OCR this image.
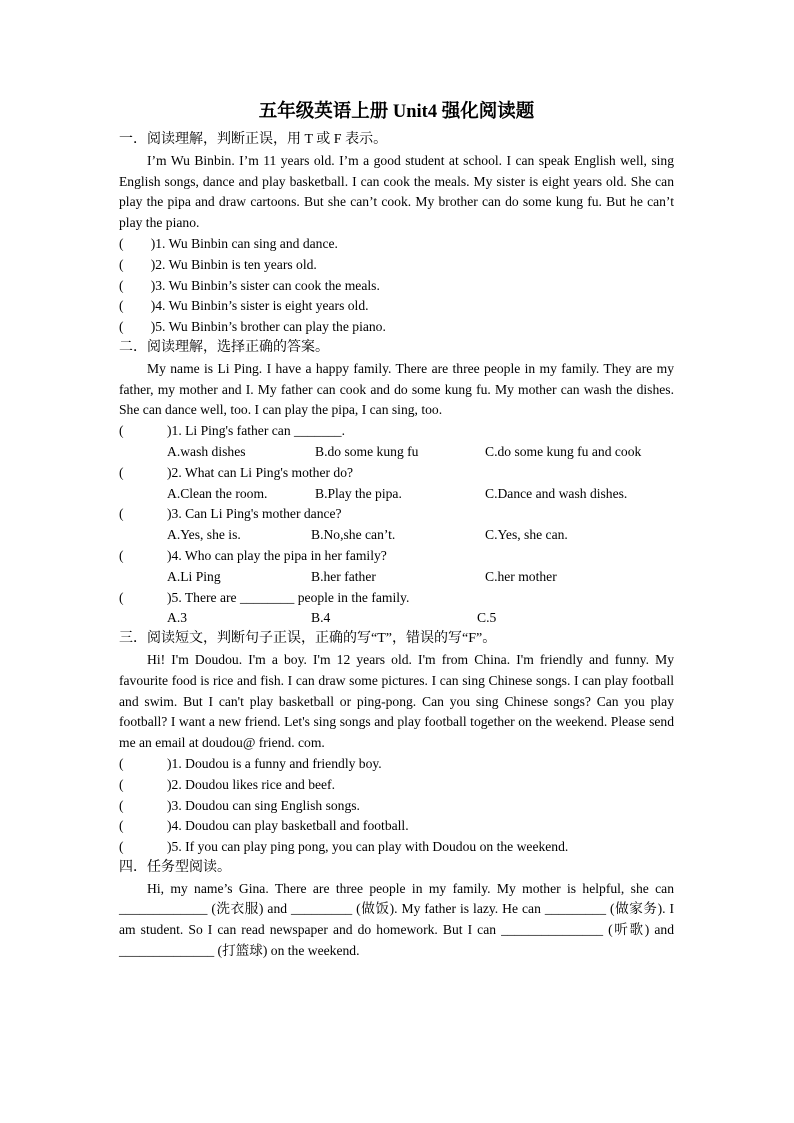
五年级英语上册 Unit4 强化阅读题
一．阅读理解，判断正误，用 T 或 F 表示。
I’m Wu Binbin. I’m 11 years old. I’m a good student at school. I can speak English well, sing English songs, dance and play basketball. I can cook the meals. My sister is eight years old. She can play the pipa and draw cartoons. But she can’t cook. My brother can do some kung fu. But he can’t play the piano.
(        )1. Wu Binbin can sing and dance.
(        )2. Wu Binbin is ten years old.
(        )3. Wu Binbin’s sister can cook the meals.
(        )4. Wu Binbin’s sister is eight years old.
(        )5. Wu Binbin’s brother can play the piano.
二．阅读理解，选择正确的答案。
My name is Li Ping. I have a happy family. There are three people in my family. They are my father, my mother and I. My father can cook and do some kung fu. My mother can wash the dishes. She can dance well, too. I can play the pipa, I can sing, too.
(	)1. Li Ping's father can _______.
A.wash dishes	B.do some kung fu	C.do some kung fu and cook
(	)2. What can Li Ping's mother do?
A.Clean the room.	B.Play the pipa.	C.Dance and wash dishes.
(	)3. Can Li Ping's mother dance?
A.Yes, she is.	B.No,she can’t.	C.Yes, she can.
(	)4. Who can play the pipa in her family?
A.Li Ping	B.her father	C.her mother
(	)5. There are ________ people in the family.
A.3	B.4	C.5
三．阅读短文，判断句子正误，正确的写“T”，错误的写“F”。
Hi! I'm Doudou. I'm a boy. I'm 12 years old. I'm from China. I'm friendly and funny. My favourite food is rice and fish. I can draw some pictures. I can sing Chinese songs. I can play football and swim. But I can't play basketball or ping-pong. Can you sing Chinese songs? Can you play football? I want a new friend. Let's sing songs and play football together on the weekend. Please send me an email at doudou@ friend. com.
(	)1. Doudou is a funny and friendly boy.
(	)2. Doudou likes rice and beef.
(	)3. Doudou can sing English songs.
(	)4. Doudou can play basketball and football.
(	)5. If you can play ping pong, you can play with Doudou on the weekend.
四．任务型阅读。
Hi, my name’s Gina. There are three people in my family. My mother is helpful, she can _____________ (洗衣服) and _________ (做饭). My father is lazy. He can _________ (做家务). I am student. So I can read newspaper and do homework. But I can _______________ (听歌) and ______________ (打篮球) on the weekend.
